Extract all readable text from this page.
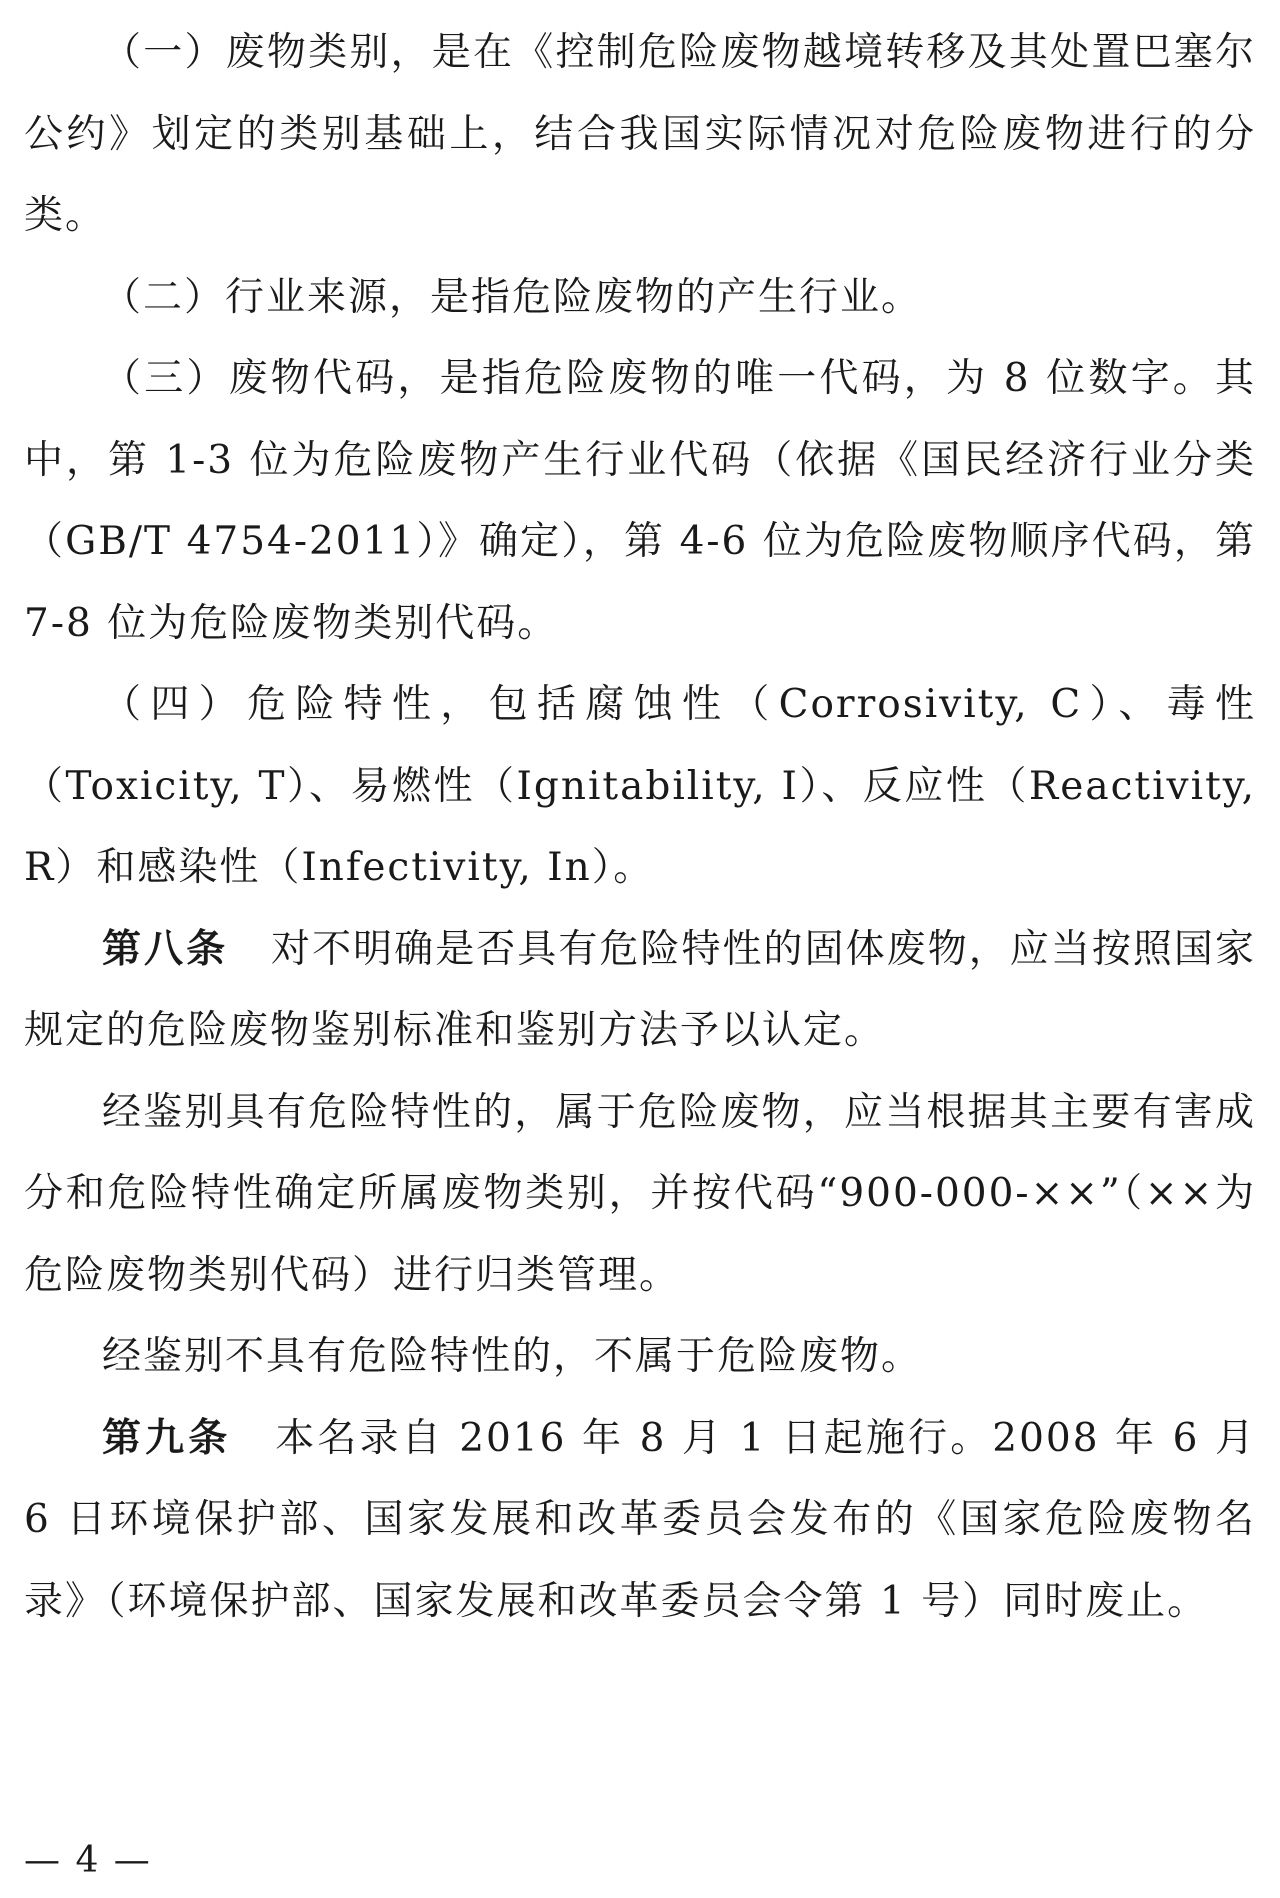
（一）废物类别，是在《控制危险废物越境转移及其处置巴塞尔公约》划定的类别基础上，结合我国实际情况对危险废物进行的分类。

（二）行业来源，是指危险废物的产生行业。

（三）废物代码，是指危险废物的唯一代码，为 8 位数字。其中，第 1-3 位为危险废物产生行业代码（依据《国民经济行业分类（GB/T 4754-2011）》确定），第 4-6 位为危险废物顺序代码，第 7-8 位为危险废物类别代码。

（四）危险特性，包括腐蚀性（Corrosivity, C）、毒性（Toxicity, T）、易燃性（Ignitability, I）、反应性（Reactivity, R）和感染性（Infectivity, In）。

第八条 对不明确是否具有危险特性的固体废物，应当按照国家规定的危险废物鉴别标准和鉴别方法予以认定。

经鉴别具有危险特性的，属于危险废物，应当根据其主要有害成分和危险特性确定所属废物类别，并按代码“900-000-××”（××为危险废物类别代码）进行归类管理。

经鉴别不具有危险特性的，不属于危险废物。

第九条 本名录自 2016 年 8 月 1 日起施行。2008 年 6 月 6 日环境保护部、国家发展和改革委员会发布的《国家危险废物名录》（环境保护部、国家发展和改革委员会令第 1 号）同时废止。

— 4 —
